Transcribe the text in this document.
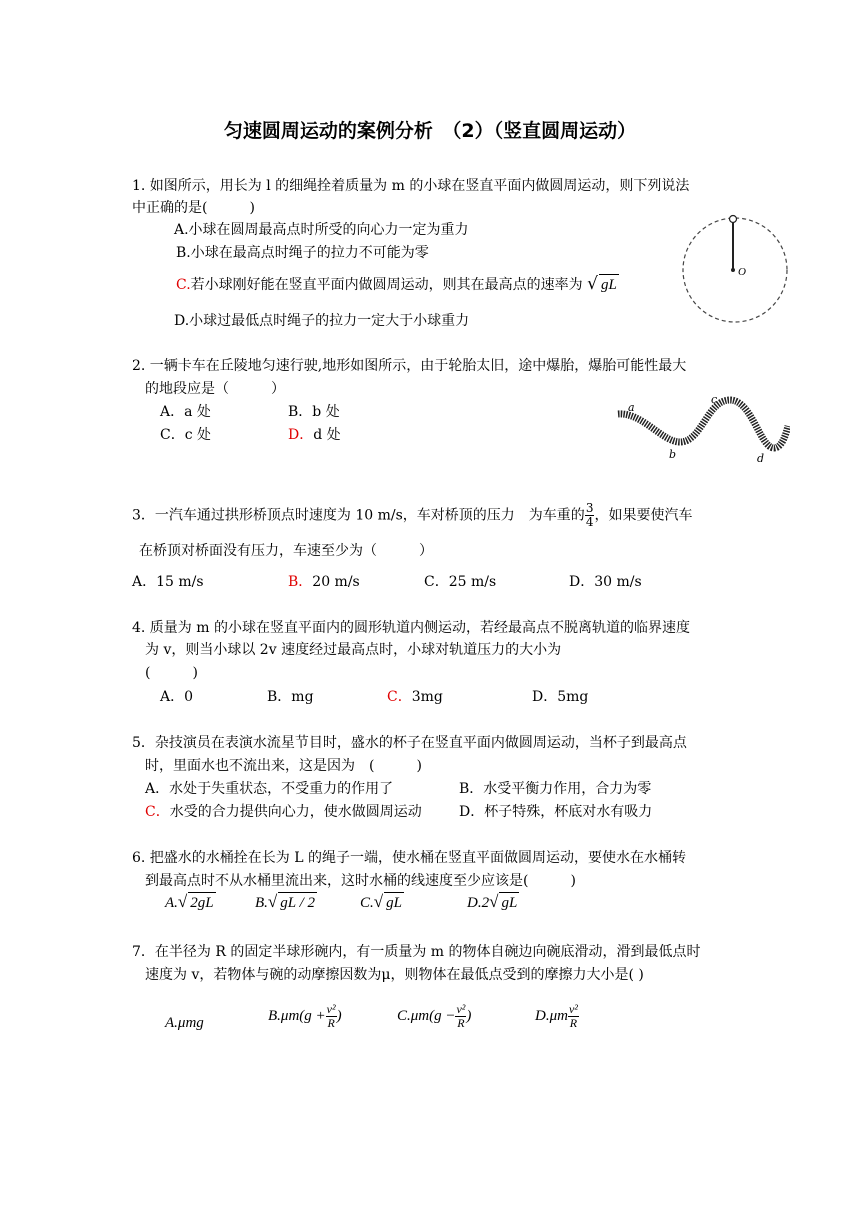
匀速圆周运动的案例分析　（2）（竖直圆周运动）
1. 如图所示，用长为 l 的细绳拴着质量为 m 的小球在竖直平面内做圆周运动，则下列说法
中正确的是(　　　)
A.小球在圆周最高点时所受的向心力一定为重力
B.小球在最高点时绳子的拉力不可能为零
C.若小球刚好能在竖直平面内做圆周运动，则其在最高点的速率为 √ gL
D.小球过最低点时绳子的拉力一定大于小球重力
O
2. 一辆卡车在丘陵地匀速行驶,地形如图所示，由于轮胎太旧，途中爆胎，爆胎可能性最大
的地段应是（　　　）
A．a 处	B．b 处
C．c 处	D．d 处
a
b
c
d
3．一汽车通过拱形桥顶点时速度为 10 m/s，车对桥顶的压力　为车重的 $\frac{3}{4}$ ，如果要使汽车
在桥顶对桥面没有压力，车速至少为（　　　）
A．15 m/s	B．20 m/s	C．25 m/s	D．30 m/s
4. 质量为 m 的小球在竖直平面内的圆形轨道内侧运动，若经最高点不脱离轨道的临界速度
为 v，则当小球以 2v 速度经过最高点时，小球对轨道压力的大小为
(　　　)
A．0	B．mg	C．3mg	D．5mg
5．杂技演员在表演水流星节目时，盛水的杯子在竖直平面内做圆周运动，当杯子到最高点
时，里面水也不流出来，这是因为　(　　　)
A．水处于失重状态，不受重力的作用了	B．水受平衡力作用，合力为零
C．水受的合力提供向心力，使水做圆周运动	D．杯子特殊，杯底对水有吸力
6. 把盛水的水桶拴在长为 L 的绳子一端，使水桶在竖直平面做圆周运动，要使水在水桶转
到最高点时不从水桶里流出来，这时水桶的线速度至少应该是(　　　)
A.√ 2gL	B.√ gL / 2	C.√ gL	D.2√ gL
7．在半径为 R 的固定半球形碗内，有一质量为 m 的物体自碗边向碗底滑动，滑到最低点时
速度为 v，若物体与碗的动摩擦因数为μ，则物体在最低点受到的摩擦力大小是( )
A.μmg	$B.\mu m(g + \frac{\text{v²}}{R}$ )	$C.\mu m(g - \frac{\text{v²}}{R}$ )	$D.\mu m \frac{\text{v²}}{R}$
